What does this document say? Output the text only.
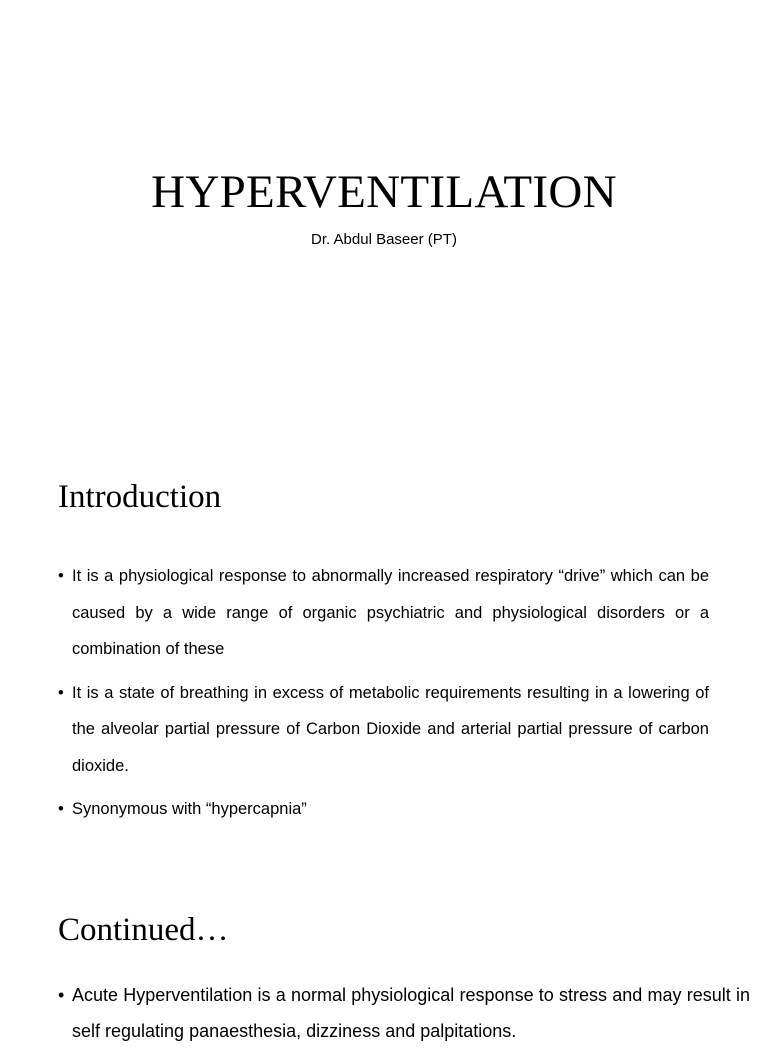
HYPERVENTILATION
Dr. Abdul Baseer (PT)
Introduction
• It is a physiological response to abnormally increased respiratory “drive” which can be caused by a wide range of organic psychiatric and physiological disorders or a combination of these
• It is a state of breathing in excess of metabolic requirements resulting in a lowering of the alveolar partial pressure of Carbon Dioxide and arterial partial pressure of carbon dioxide.
• Synonymous with “hypercapnia”
Continued…
• Acute Hyperventilation is a normal physiological response to stress and may result in self regulating panaesthesia, dizziness and palpitations.
